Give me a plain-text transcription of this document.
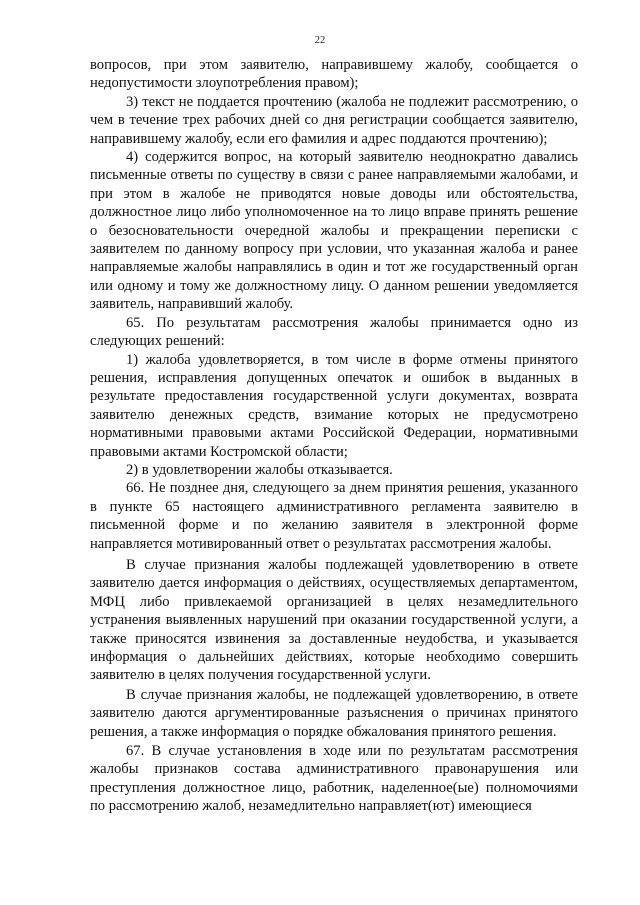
22

вопросов, при этом заявителю, направившему жалобу, сообщается о недопустимости злоупотребления правом);

3) текст не поддается прочтению (жалоба не подлежит рассмотрению, о чем в течение трех рабочих дней со дня регистрации сообщается заявителю, направившему жалобу, если его фамилия и адрес поддаются прочтению);

4) содержится вопрос, на который заявителю неоднократно давались письменные ответы по существу в связи с ранее направляемыми жалобами, и при этом в жалобе не приводятся новые доводы или обстоятельства, должностное лицо либо уполномоченное на то лицо вправе принять решение о безосновательности очередной жалобы и прекращении переписки с заявителем по данному вопросу при условии, что указанная жалоба и ранее направляемые жалобы направлялись в один и тот же государственный орган или одному и тому же должностному лицу. О данном решении уведомляется заявитель, направивший жалобу.

65. По результатам рассмотрения жалобы принимается одно из следующих решений:

1) жалоба удовлетворяется, в том числе в форме отмены принятого решения, исправления допущенных опечаток и ошибок в выданных в результате предоставления государственной услуги документах, возврата заявителю денежных средств, взимание которых не предусмотрено нормативными правовыми актами Российской Федерации, нормативными правовыми актами Костромской области;

2) в удовлетворении жалобы отказывается.

66. Не позднее дня, следующего за днем принятия решения, указанного в пункте 65 настоящего административного регламента заявителю в письменной форме и по желанию заявителя в электронной форме направляется мотивированный ответ о результатах рассмотрения жалобы.

В случае признания жалобы подлежащей удовлетворению в ответе заявителю дается информация о действиях, осуществляемых департаментом, МФЦ либо привлекаемой организацией в целях незамедлительного устранения выявленных нарушений при оказании государственной услуги, а также приносятся извинения за доставленные неудобства, и указывается информация о дальнейших действиях, которые необходимо совершить заявителю в целях получения государственной услуги.

В случае признания жалобы, не подлежащей удовлетворению, в ответе заявителю даются аргументированные разъяснения о причинах принятого решения, а также информация о порядке обжалования принятого решения.

67. В случае установления в ходе или по результатам рассмотрения жалобы признаков состава административного правонарушения или преступления должностное лицо, работник, наделенное(ые) полномочиями по рассмотрению жалоб, незамедлительно направляет(ют) имеющиеся
